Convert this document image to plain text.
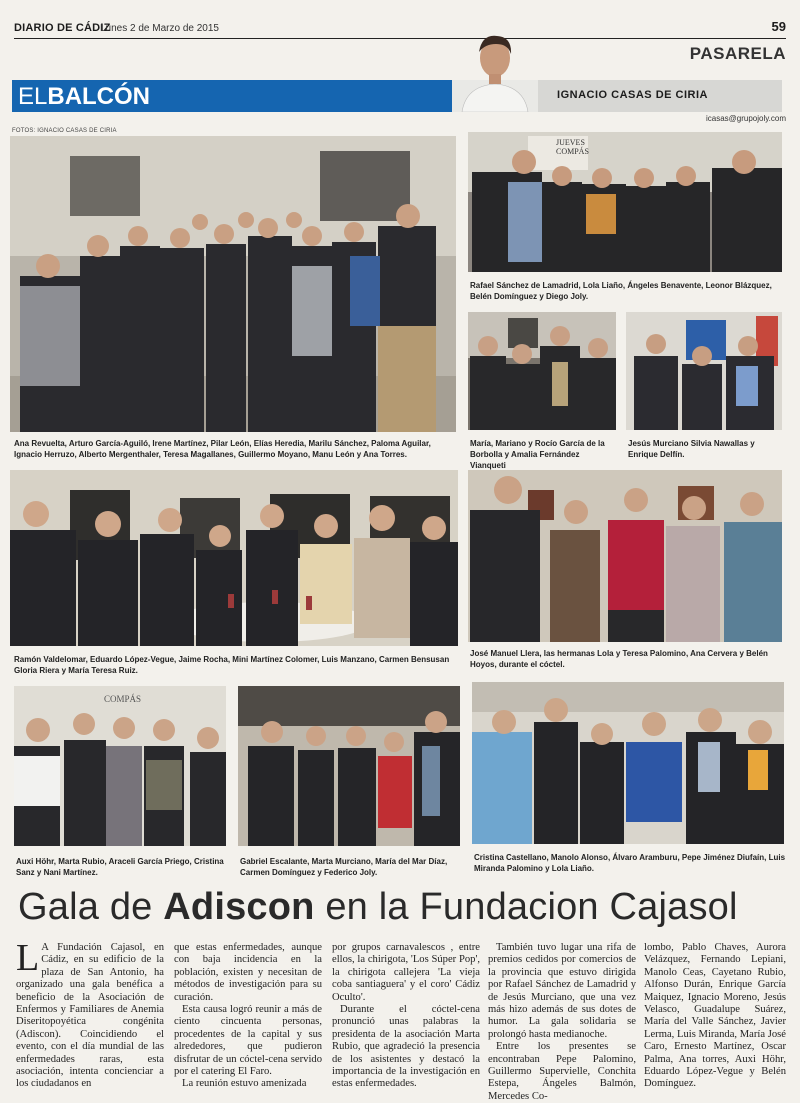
DIARIO DE CÁDIZ
Lunes 2 de Marzo de 2015	59
PASARELA
ELBALCÓN	IGNACIO CASAS DE CIRIA
icasas@grupojoly.com
FOTOS: IGNACIO CASAS DE CIRIA
Ana Revuelta, Arturo García-Aguiló, Irene Martínez, Pilar León, Elías Heredia, Marilu Sánchez, Paloma Aguilar, Ignacio Herruzo, Alberto Mergenthaler, Teresa Magallanes, Guillermo Moyano, Manu León y Ana Torres.
JUEVES COMPÁS
Rafael Sánchez de Lamadrid, Lola Liaño, Ángeles Benavente, Leonor Blázquez, Belén Domínguez y Diego Joly.
María, Mariano y Rocío García de la Borbolla y Amalia Fernández Vianqueti
Jesús Murciano Silvia Nawallas y Enrique Delfín.
Ramón Valdelomar, Eduardo López-Vegue, Jaime Rocha, Mini Martínez Colomer, Luis Manzano, Carmen Bensusan Gloria Riera y María Teresa Ruiz.
José Manuel Llera, las hermanas Lola y Teresa Palomino, Ana Cervera y Belén Hoyos, durante el cóctel.
COMPÁS
Auxi Höhr, Marta Rubio, Araceli García Priego, Cristina Sanz y Nani Martínez.
Gabriel Escalante, Marta Murciano, María del Mar Díaz, Carmen Domínguez y Federico Joly.
Cristina Castellano, Manolo Alonso, Álvaro Aramburu, Pepe Jiménez Diufaín, Luis Miranda Palomino y Lola Liaño.
Gala de Adiscon en la Fundacion Cajasol

L A Fundación Cajasol, en Cádiz, en su edificio de la plaza de San Antonio, ha organizado una gala benéfica a beneficio de la Asociación de Enfermos y Familiares de Anemia Diseritopoyética congénita (Adiscon). Coincidiendo el evento, con el día mundial de las enfermedades raras, esta asociación, intenta concienciar a los ciudadanos en

que estas enfermedades, aunque con baja incidencia en la población, existen y necesitan de métodos de investigación para su curación.

Esta causa logró reunir a más de ciento cincuenta personas, procedentes de la capital y sus alrededores, que pudieron disfrutar de un cóctel-cena servido por el catering El Faro.

La reunión estuvo amenizada

por grupos carnavalescos , entre ellos, la chirigota, 'Los Súper Pop', la chirigota callejera 'La vieja coba santiaguera' y el coro' Cádiz Oculto'.

Durante el cóctel-cena pronunció unas palabras la presidenta de la asociación Marta Rubio, que agradeció la presencia de los asistentes y destacó la importancia de la investigación en estas enfermedades.

También tuvo lugar una rifa de premios cedidos por comercios de la provincia que estuvo dirigida por Rafael Sánchez de Lamadrid y de Jesús Murciano, que una vez más hizo además de sus dotes de humor. La gala solidaria se prolongó hasta medianoche.

Entre los presentes se encontraban Pepe Palomino, Guillermo Supervielle, Conchita Estepa, Ángeles Balmón, Mercedes Co-

lombo, Pablo Chaves, Aurora Velázquez, Fernando Lepiani, Manolo Ceas, Cayetano Rubio, Alfonso Durán, Enrique García Maiquez, Ignacio Moreno, Jesús Velasco, Guadalupe Suárez, María del Valle Sánchez, Javier Lerma, Luis Miranda, María José Caro, Ernesto Martínez, Oscar Palma, Ana torres, Auxi Höhr, Eduardo López-Vegue y Belén Domínguez.
